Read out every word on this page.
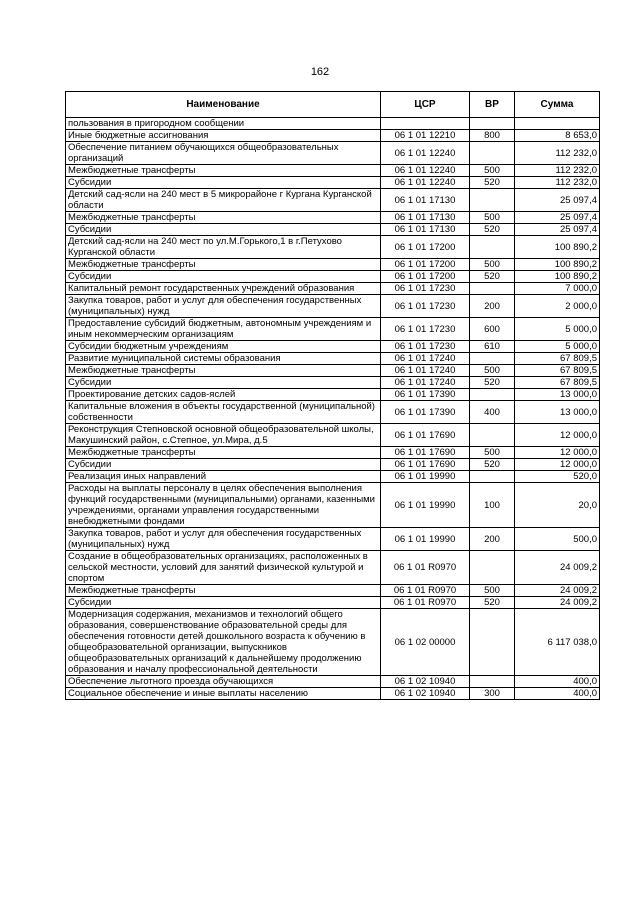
162
Наименование	ЦСР	ВР	Сумма
пользования в пригородном сообщении			
Иные бюджетные ассигнования	06 1 01 12210	800	8 653,0
Обеспечение питанием обучающихся общеобразовательных организаций	06 1 01 12240		112 232,0
Межбюджетные трансферты	06 1 01 12240	500	112 232,0
Субсидии	06 1 01 12240	520	112 232,0
Детский сад-ясли на 240 мест в 5 микрорайоне г Кургана Курганской области	06 1 01 17130		25 097,4
Межбюджетные трансферты	06 1 01 17130	500	25 097,4
Субсидии	06 1 01 17130	520	25 097,4
Детский сад-ясли на 240 мест по ул.М.Горького,1 в г.Петухово Курганской области	06 1 01 17200		100 890,2
Межбюджетные трансферты	06 1 01 17200	500	100 890,2
Субсидии	06 1 01 17200	520	100 890,2
Капитальный ремонт государственных учреждений образования	06 1 01 17230		7 000,0
Закупка товаров, работ и услуг для обеспечения государственных (муниципальных) нужд	06 1 01 17230	200	2 000,0
Предоставление субсидий бюджетным, автономным учреждениям и иным некоммерческим организациям	06 1 01 17230	600	5 000,0
Субсидии бюджетным учреждениям	06 1 01 17230	610	5 000,0
Развитие муниципальной системы образования	06 1 01 17240		67 809,5
Межбюджетные трансферты	06 1 01 17240	500	67 809,5
Субсидии	06 1 01 17240	520	67 809,5
Проектирование детских садов-яслей	06 1 01 17390		13 000,0
Капитальные вложения в объекты государственной (муниципальной) собственности	06 1 01 17390	400	13 000,0
Реконструкция Степновской основной общеобразовательной школы, Макушинский район, с.Степное, ул.Мира, д.5	06 1 01 17690		12 000,0
Межбюджетные трансферты	06 1 01 17690	500	12 000,0
Субсидии	06 1 01 17690	520	12 000,0
Реализация иных направлений	06 1 01 19990		520,0
Расходы на выплаты персоналу в целях обеспечения выполнения функций государственными (муниципальными) органами, казенными учреждениями, органами управления государственными внебюджетными фондами	06 1 01 19990	100	20,0
Закупка товаров, работ и услуг для обеспечения государственных (муниципальных) нужд	06 1 01 19990	200	500,0
Создание в общеобразовательных организациях, расположенных в сельской местности, условий для занятий физической культурой и спортом	06 1 01 R0970		24 009,2
Межбюджетные трансферты	06 1 01 R0970	500	24 009,2
Субсидии	06 1 01 R0970	520	24 009,2
Модернизация содержания, механизмов и технологий общего образования, совершенствование образовательной среды для обеспечения готовности детей дошкольного возраста к обучению в общеобразовательной организации, выпускников общеобразовательных организаций к дальнейшему продолжению образования и началу профессиональной деятельности	06 1 02 00000		6 117 038,0
Обеспечение льготного проезда обучающихся	06 1 02 10940		400,0
Социальное обеспечение и иные выплаты населению	06 1 02 10940	300	400,0
